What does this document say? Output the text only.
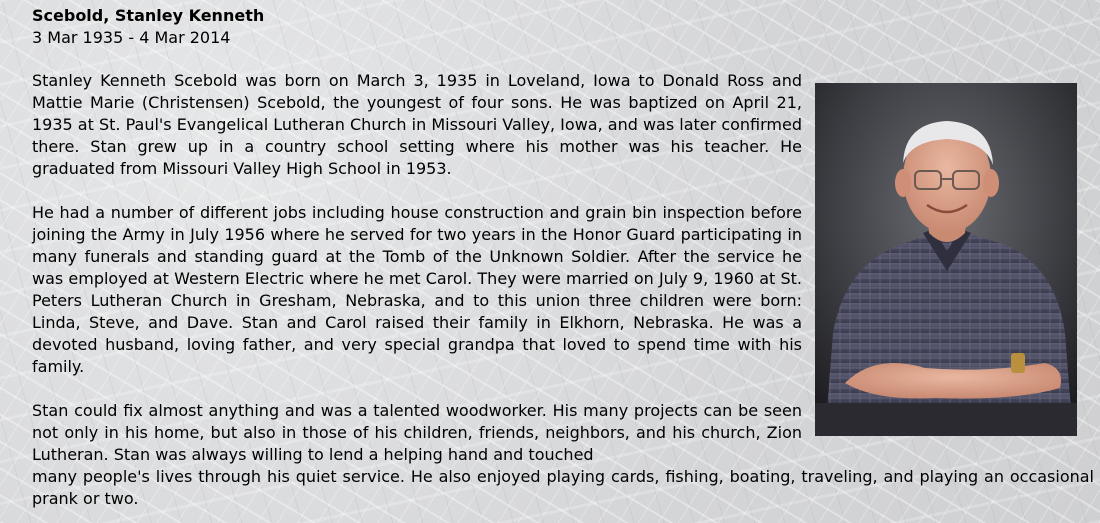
Scebold, Stanley Kenneth
3 Mar 1935 - 4 Mar 2014

Stanley Kenneth Scebold was born on March 3, 1935 in Loveland, Iowa to Donald Ross and Mattie Marie (Christensen) Scebold, the youngest of four sons. He was baptized on April 21, 1935 at St. Paul's Evangelical Lutheran Church in Missouri Valley, Iowa, and was later confirmed there. Stan grew up in a country school setting where his mother was his teacher. He graduated from Missouri Valley High School in 1953.

He had a number of different jobs including house construction and grain bin inspection before joining the Army in July 1956 where he served for two years in the Honor Guard participating in many funerals and standing guard at the Tomb of the Unknown Soldier. After the service he was employed at Western Electric where he met Carol. They were married on July 9, 1960 at St. Peters Lutheran Church in Gresham, Nebraska, and to this union three children were born: Linda, Steve, and Dave. Stan and Carol raised their family in Elkhorn, Nebraska. He was a devoted husband, loving father, and very special grandpa that loved to spend time with his family.

Stan could fix almost anything and was a talented woodworker. His many projects can be seen not only in his home, but also in those of his children, friends, neighbors, and his church, Zion Lutheran. Stan was always willing to lend a helping hand and touched
many people's lives through his quiet service. He also enjoyed playing cards, fishing, boating, traveling, and playing an occasional prank or two.
